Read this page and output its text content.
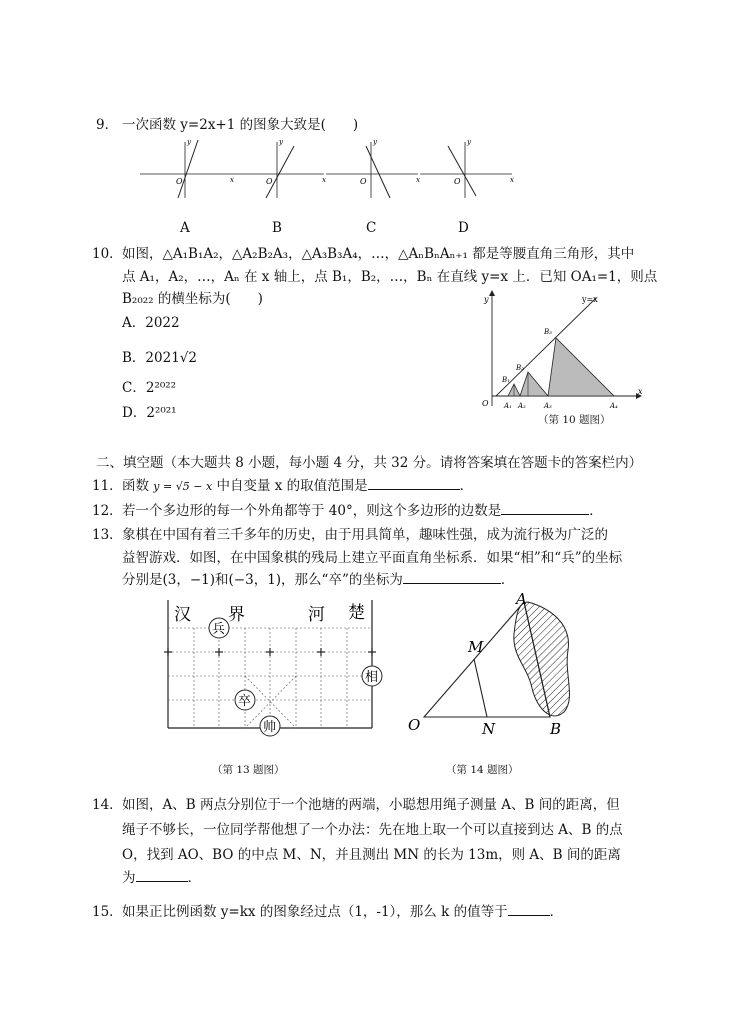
9． 一次函数 y=2x+1 的图象大致是(　　)
y
x
O
y
x
O
y
x
O
y
x
O
A	B	C	D
10． 如图，△A₁B₁A₂，△A₂B₂A₃，△A₃B₃A₄，…，△AₙBₙAₙ₊₁ 都是等腰直角三角形，其中
点 A₁，A₂，…，Aₙ 在 x 轴上，点 B₁，B₂，…，Bₙ 在直线 y=x 上．已知 OA₁=1，则点
B₂₀₂₂ 的横坐标为(　　)
A．2022
B．2021√2
C．2²⁰²²
D．2²⁰²¹
y
x
O
y=x
B₁
B₂
B₃
A₁ A₂	A₃	A₄
（第 10 题图）
二、填空题（本大题共 8 小题，每小题 4 分，共 32 分。请将答案填在答题卡的答案栏内）
11． 函数 y = √5 − x 中自变量 x 的取值范围是	．
12． 若一个多边形的每一个外角都等于 40°，则这个多边形的边数是	．
13． 象棋在中国有着三千多年的历史，由于用具简单，趣味性强，成为流行极为广泛的
益智游戏．如图，在中国象棋的残局上建立平面直角坐标系．如果“相”和“兵”的坐标
分别是(3，−1)和(−3，1)，那么“卒”的坐标为	．
汉 界	河 楚
兵
相
卒
帅
（第 13 题图）
A
M
O	N	B
（第 14 题图）
14． 如图，A、B 两点分别位于一个池塘的两端，小聪想用绳子测量 A、B 间的距离，但
绳子不够长，一位同学帮他想了一个办法：先在地上取一个可以直接到达 A、B 的点
O，找到 AO、BO 的中点 M、N，并且测出 MN 的长为 13m，则 A、B 间的距离
为	．
15． 如果正比例函数 y=kx 的图象经过点（1，-1），那么 k 的值等于	．
